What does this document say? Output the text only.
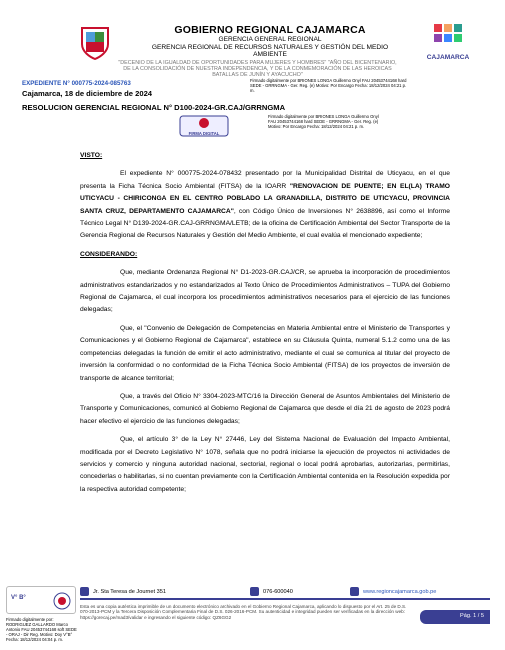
GOBIERNO REGIONAL CAJAMARCA
GERENCIA GENERAL REGIONAL
GERENCIA REGIONAL DE RECURSOS NATURALES Y GESTIÓN DEL MEDIO
AMBIENTE	CAJAMARCA
"DECENIO DE LA IGUALDAD DE OPORTUNIDADES PARA MUJERES Y HOMBRES" "AÑO DEL BICENTENARIO, DE LA CONSOLIDACIÓN DE NUESTRA INDEPENDENCIA, Y DE LA CONMEMORACIÓN DE LAS HEROICAS BATALLAS DE JUNÍN Y AYACUCHO"
EXPEDIENTE N° 000775-2024-085763
Cajamarca, 18 de diciembre de 2024
RESOLUCION GERENCIAL REGIONAL N° D100-2024-GR.CAJ/GRRNGMA
Firmado digitalmente por BRIONES LONGA Guillermo Onyl FAU 20453744168 hard SEDE - GRRNGMA - Ger. Reg. (e) Motivo: Por Encargo Fecha: 18/12/2024 04:21 p. m.
FIRMA DIGITAL
Firmado digitalmente por BRIONES LONGA Guillermo Onyl FAU 20453744168 hard SEDE - GRRNGMA - Ger. Reg. (e) Motivo: Por Encargo Fecha: 18/12/2024 04:21 p. m.
VISTO:
El expediente N° 000775-2024-078432 presentado por la Municipalidad Distrital de Uticyacu, en el que presenta la Ficha Técnica Socio Ambiental (FITSA) de la IOARR "RENOVACION DE PUENTE; EN EL(LA) TRAMO UTICYACU - CHIRICONGA EN EL CENTRO POBLADO LA GRANADILLA, DISTRITO DE UTICYACU, PROVINCIA SANTA CRUZ, DEPARTAMENTO CAJAMARCA", con Código Único de Inversiones N° 2638896, así como el Informe Técnico Legal N° D139-2024-GR.CAJ-GRRNGMA/LETB; de la oficina de Certificación Ambiental del Sector Transporte de la Gerencia Regional de Recursos Naturales y Gestión del Medio Ambiente, el cual evalúa el mencionado expediente;
CONSIDERANDO:
Que, mediante Ordenanza Regional N° D1-2023-GR.CAJ/CR, se aprueba la incorporación de procedimientos administrativos estandarizados y no estandarizados al Texto Único de Procedimientos Administrativos – TUPA del Gobierno Regional de Cajamarca, el cual incorpora los procedimientos administrativos necesarios para el ejercicio de las funciones delegadas;
Que, el "Convenio de Delegación de Competencias en Materia Ambiental entre el Ministerio de Transportes y Comunicaciones y el Gobierno Regional de Cajamarca", establece en su Cláusula Quinta, numeral 5.1.2 como una de las competencias delegadas la función de emitir el acto administrativo, mediante el cual se comunica al titular del proyecto de inversión la conformidad o no conformidad de la Ficha Técnica Socio Ambiental (FITSA) de los proyectos de inversión de transporte de alcance territorial;
Que, a través del Oficio N° 3304-2023-MTC/16 la Dirección General de Asuntos Ambientales del Ministerio de Transporte y Comunicaciones, comunicó al Gobierno Regional de Cajamarca que desde el día 21 de agosto de 2023 podrá hacer efectivo el ejercicio de las funciones delegadas;
Que, el artículo 3° de la Ley N° 27446, Ley del Sistema Nacional de Evaluación del Impacto Ambiental, modificada por el Decreto Legislativo N° 1078, señala que no podrá iniciarse la ejecución de proyectos ni actividades de servicios y comercio y ninguna autoridad nacional, sectorial, regional o local podrá aprobarlas, autorizarlas, permitirlas, concederlas o habilitarlas, si no cuentan previamente con la Certificación Ambiental contenida en la Resolución expedida por la respectiva autoridad competente;
V° B°
Firmado digitalmente por: RODRIGUEZ GALLARDO Marco Antonio FAU 20453744168 soft SEDE - ORAJ - Dir Reg. Motivo: Doy V°B° Fecha: 18/12/2024 04:04 p. m.
Jr. Sta Teresa de Journet 351	076-600040	www.regioncajamarca.gob.pe
Esta es una copia auténtica imprimible de un documento electrónico archivado en el Gobierno Regional Cajamarca, aplicando lo dispuesto por el Art. 25 de D.S. 070-2013-PCM y la Tercera Disposición Complementaria Final de D.S. 026-2016-PCM. Su autenticidad e integridad pueden ser verificadas en la dirección web: https://gorecaj.pe/mad3/validar e ingresando el siguiente código: QZ6GG2	Pág. 1 / 5
